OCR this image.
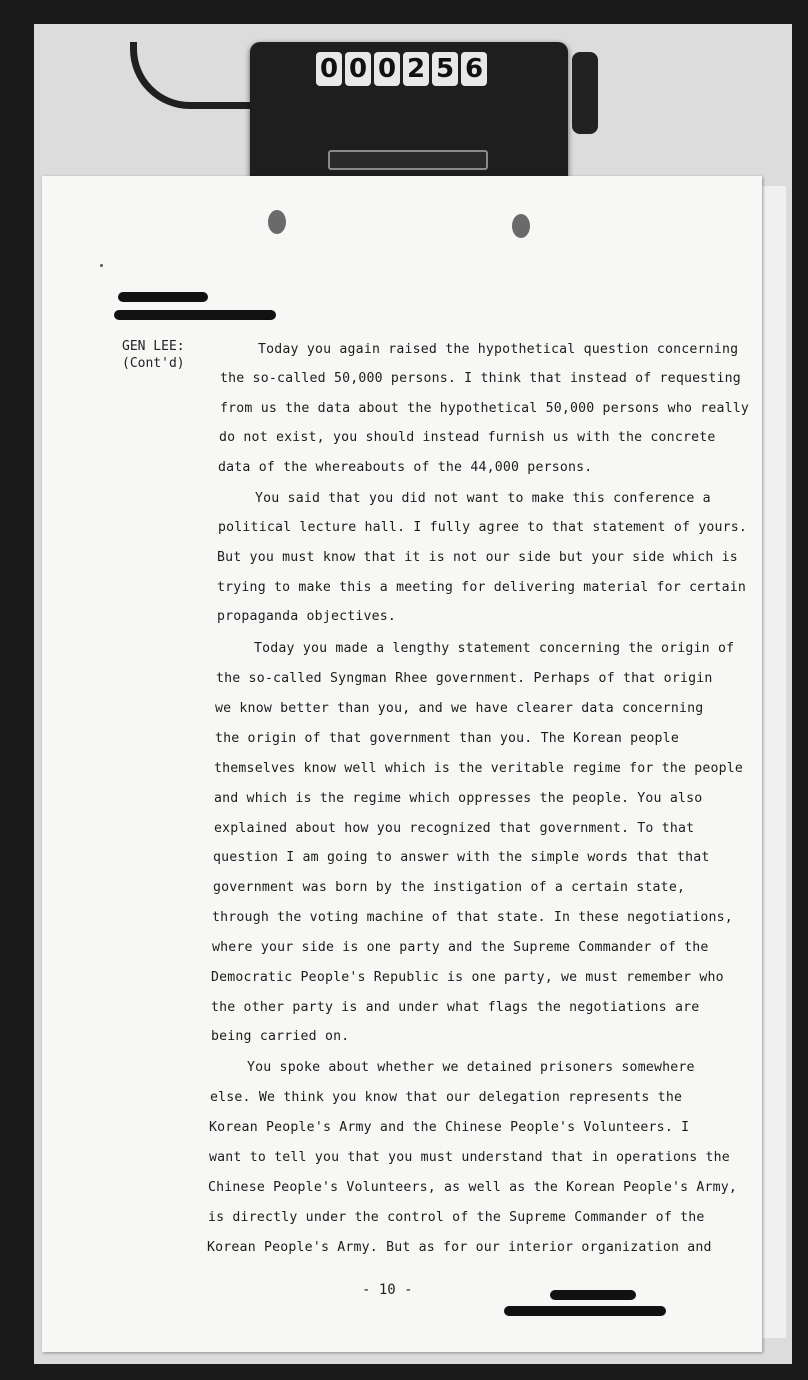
0 0 0 2 5 6
GEN LEE:
(Cont'd)
Today you again raised the hypothetical question concerning
the so-called 50,000 persons. I think that instead of requesting
from us the data about the hypothetical 50,000 persons who really
do not exist, you should instead furnish us with the concrete
data of the whereabouts of the 44,000 persons.
You said that you did not want to make this conference a
political lecture hall. I fully agree to that statement of yours.
But you must know that it is not our side but your side which is
trying to make this a meeting for delivering material for certain
propaganda objectives.
Today you made a lengthy statement concerning the origin of
the so-called Syngman Rhee government. Perhaps of that origin
we know better than you, and we have clearer data concerning
the origin of that government than you. The Korean people
themselves know well which is the veritable regime for the people
and which is the regime which oppresses the people. You also
explained about how you recognized that government. To that
question I am going to answer with the simple words that that
government was born by the instigation of a certain state,
through the voting machine of that state. In these negotiations,
where your side is one party and the Supreme Commander of the
Democratic People's Republic is one party, we must remember who
the other party is and under what flags the negotiations are
being carried on.
You spoke about whether we detained prisoners somewhere
else. We think you know that our delegation represents the
Korean People's Army and the Chinese People's Volunteers. I
want to tell you that you must understand that in operations the
Chinese People's Volunteers, as well as the Korean People's Army,
is directly under the control of the Supreme Commander of the
Korean People's Army. But as for our interior organization and
- 10 -
